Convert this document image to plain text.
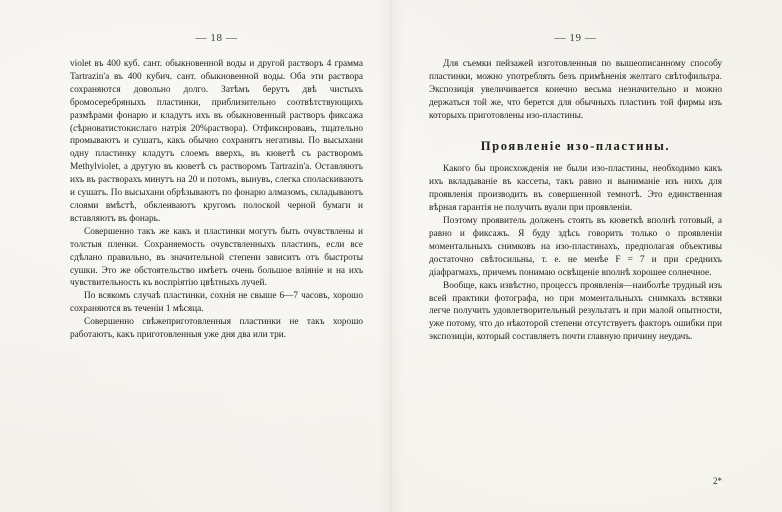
— 18 —

violet въ 400 куб. сант. обыкновенной воды и другой растворъ 4 грамма Tartrazin'a въ 400 кубич. сант. обыкновенной воды. Оба эти раствора сохраняются довольно долго. Затѣмъ берутъ двѣ чистыхъ бромосеребряныхъ пластинки, приблизительно соотвѣтствующихъ размѣрами фонарю и кладутъ ихъ въ обыкновенный растворъ фиксажа (сѣрноватистокислаго натрія 20%раствора). Отфиксировавъ, тщательно промываютъ и сушатъ, какъ обычно сохранятъ негативы. По высыхани одну пластинку кладутъ слоемъ вверхъ, въ кюветѣ съ растворомъ Methylviolet, а другую въ кюветѣ съ растворомъ Tartrazin'a. Оставляютъ ихъ въ растворахъ минутъ на 20 и потомъ, вынувъ, слегка споласкиваютъ и сушатъ. По высыхани обрѣзываютъ по фонарю алмазомъ, складываютъ слоями вмѣстѣ, обклеиваютъ кругомъ полоской черной бумаги и вставляютъ въ фонарь.

Совершенно такъ же какъ и пластинки могутъ быть очувствлены и толстыя пленки. Сохраняемость очувствленныхъ пластинъ, если все сдѣлано правильно, въ значительной степени зависитъ отъ быстроты сушки. Это же обстоятельство имѣетъ очень большое вліяніе и на ихъ чувствительность къ воспріятію цвѣтныхъ лучей.

По всякомъ случаѣ пластинки, сохнія не свыше 6—7 часовъ, хорошо сохраняются въ теченіи 1 мѣсяца.

Совершенно свѣжеприготовленныя пластинки не такъ хорошо работаютъ, какъ приготовленныя уже дня два или три.

— 19 —

Для съемки пейзажей изготовленныя по вышеописанному способу пластинки, можно употреблять безъ примѣненія желтаго свѣтофильтра. Экспозиція увеличивается конечно весьма незначительно и можно держаться той же, что берется для обычныхъ пластинъ той фирмы изъ которыхъ приготовлены изо-пластины.

Проявленіе изо-пластины.

Какого бы происхожденія не были изо-пластины, необходимо какъ ихъ вкладываніе въ кассеты, такъ равно и выниманіе изъ нихъ для проявленія производить въ совершенной темнотѣ. Это единственная вѣрная гарантія не получить вуали при проявленіи.

Поэтому проявитель долженъ стоять въ кюветкѣ вполнѣ готовый, а равно и фиксажъ. Я буду здѣсь говорить только о проявленіи моментальныхъ снимковъ на изо-пластинахъ, предполагая объективы достаточно свѣтосильны, т. е. не менѣе F = 7 и при среднихъ діафрагмахъ, причемъ понимаю освѣщеніе вполнѣ хорошее солнечное.

Вообще, какъ извѣстно, процессъ проявленія—наиболѣе трудный изъ всей практики фотографа, но при моментальныхъ снимкахъ встявки легче получить удовлетворительный результатъ и при малой опытности, уже потому, что до нѣкоторой степени отсутствуетъ факторъ ошибки при экспозиціи, который составляетъ почти главную причину неудачъ.

2*
